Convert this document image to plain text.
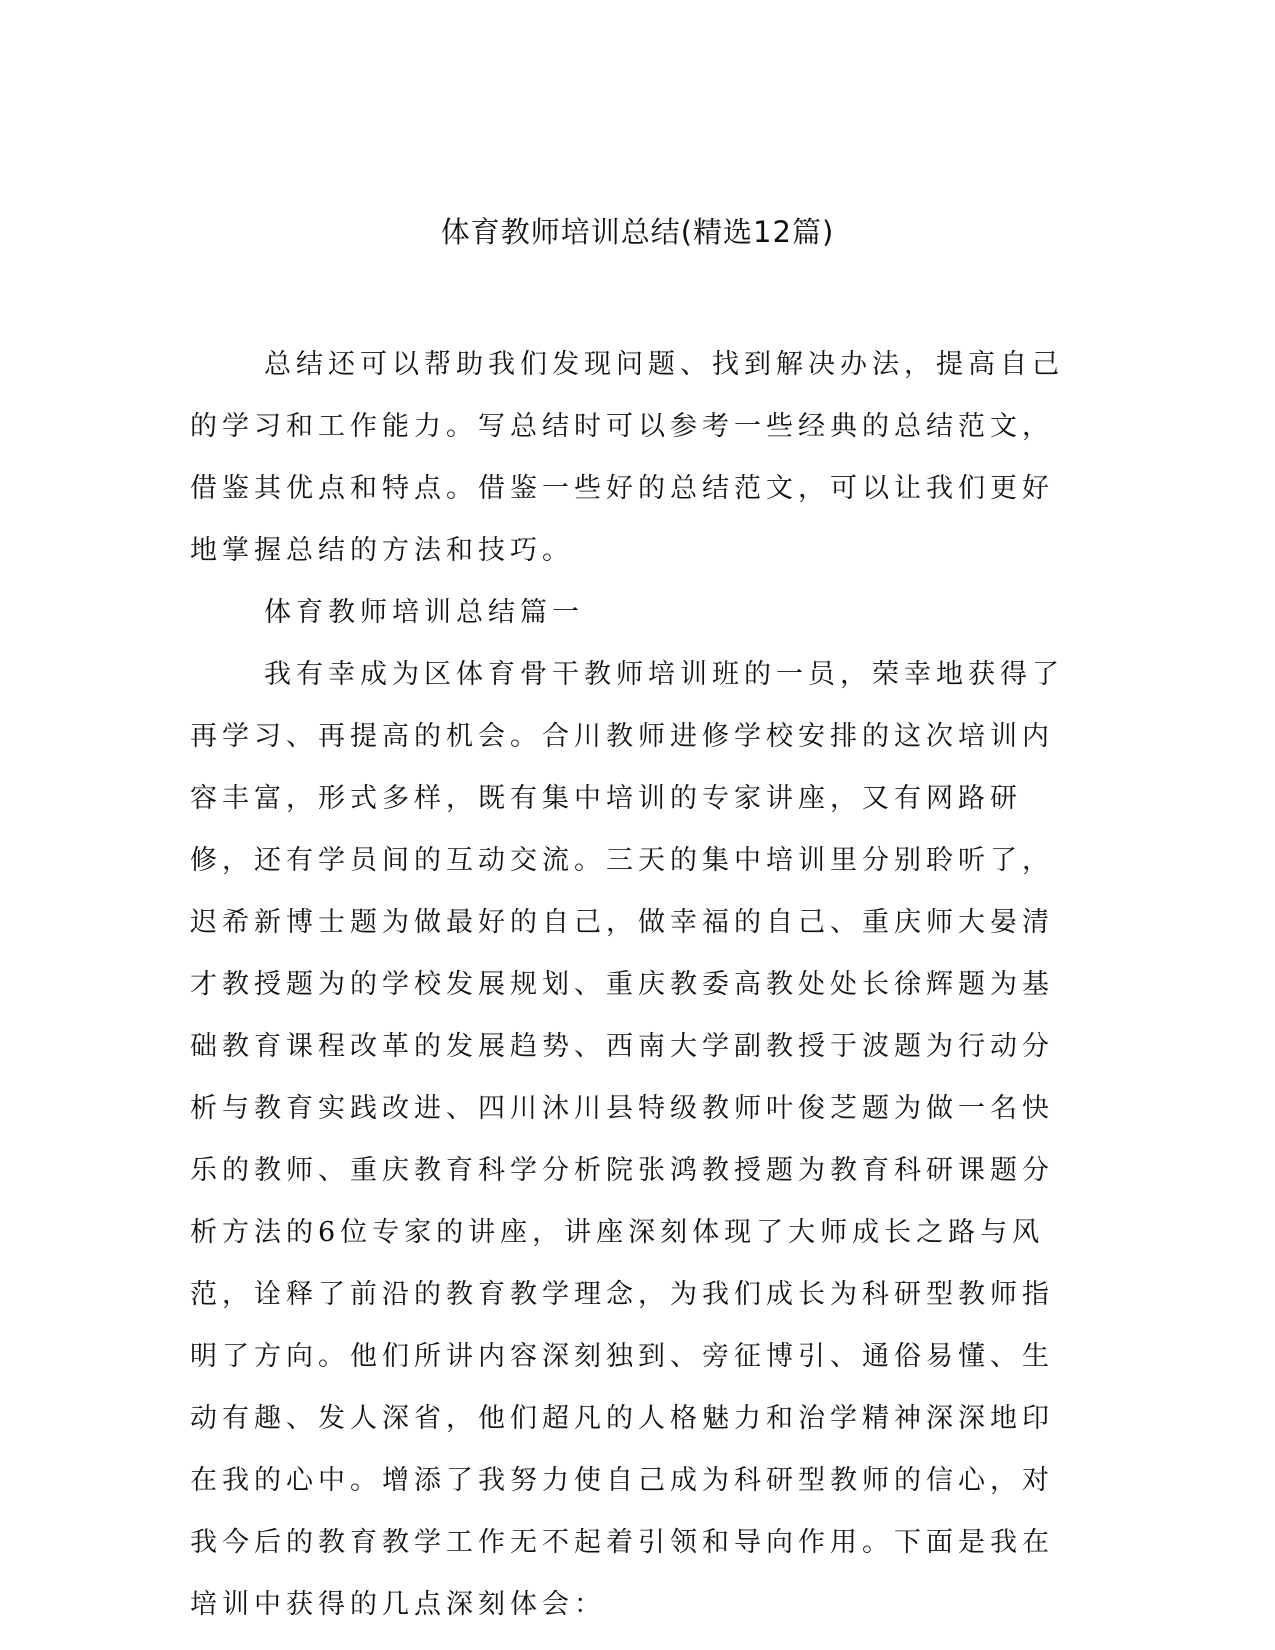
体育教师培训总结(精选12篇)

总结还可以帮助我们发现问题、找到解决办法，提高自己的学习和工作能力。写总结时可以参考一些经典的总结范文，借鉴其优点和特点。借鉴一些好的总结范文，可以让我们更好地掌握总结的方法和技巧。

体育教师培训总结篇一

我有幸成为区体育骨干教师培训班的一员，荣幸地获得了再学习、再提高的机会。合川教师进修学校安排的这次培训内容丰富，形式多样，既有集中培训的专家讲座，又有网路研修，还有学员间的互动交流。三天的集中培训里分别聆听了，迟希新博士题为做最好的自己，做幸福的自己、重庆师大晏清才教授题为的学校发展规划、重庆教委高教处处长徐辉题为基础教育课程改革的发展趋势、西南大学副教授于波题为行动分析与教育实践改进、四川沐川县特级教师叶俊芝题为做一名快乐的教师、重庆教育科学分析院张鸿教授题为教育科研课题分析方法的6位专家的讲座，讲座深刻体现了大师成长之路与风范，诠释了前沿的教育教学理念，为我们成长为科研型教师指明了方向。他们所讲内容深刻独到、旁征博引、通俗易懂、生动有趣、发人深省，他们超凡的人格魅力和治学精神深深地印在我的心中。增添了我努力使自己成为科研型教师的信心，对我今后的教育教学工作无不起着引领和导向作用。下面是我在培训中获得的几点深刻体会：
